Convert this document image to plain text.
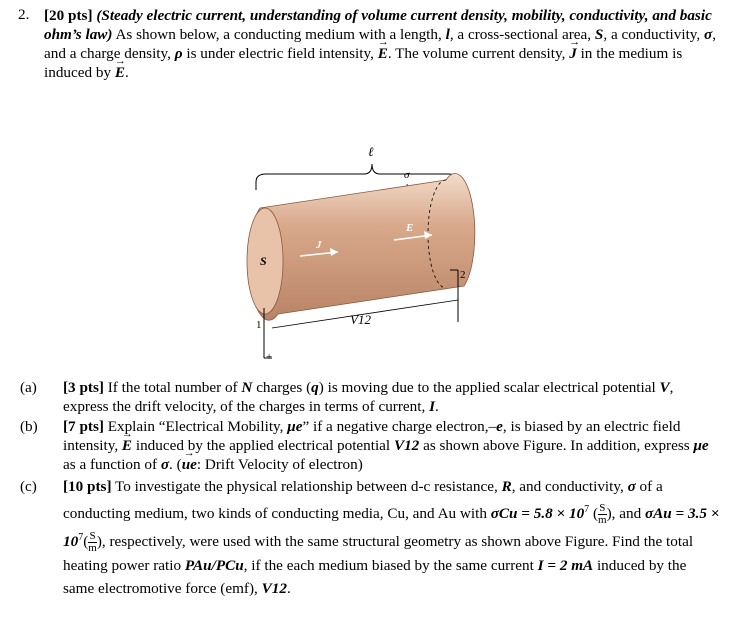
2. [20 pts] (Steady electric current, understanding of volume current density, mobility, conductivity, and basic ohm’s law) As shown below, a conducting medium with a length, l, a cross-sectional area, S, a conductivity, σ, and a charge density, ρ is under electric field intensity, → E. The volume current density, → J in the medium is induced by → E.
ℓ
σ
S
J
E
1
+
2
V12
(a)	[3 pts] If the total number of N charges (q) is moving due to the applied scalar electrical potential V, express the drift velocity, of the charges in terms of current, I.
(b)	[7 pts] Explain “Electrical Mobility, μe” if a negative charge electron,–e, is biased by an electric field intensity, → E induced by the applied electrical potential V12 as shown above Figure. In addition, express μe as a function of σ. (→ ue: Drift Velocity of electron)
(c)	[10 pts] To investigate the physical relationship between d-c resistance, R, and conductivity, σ of a conducting medium, two kinds of conducting media, Cu, and Au with $\sigma Cu = 5.8 \times 10^7$ ( $\frac{S}{m}$ ), and $\sigma Au = 3.5 \times 10^7( \frac{S}{m}$ ), respectively, were used with the same structural geometry as shown above Figure. Find the total heating power ratio PAu/PCu, if the each medium biased by the same current I = 2 mA induced by the same electromotive force (emf), V12.
